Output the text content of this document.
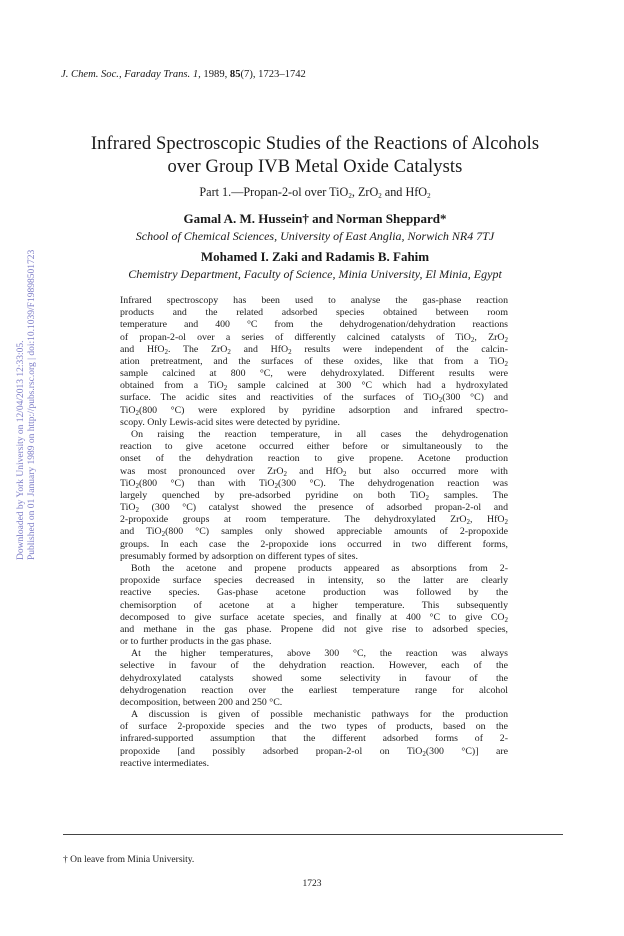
Downloaded by York University on 12/04/2013 12:33:05. Published on 01 January 1989 on http://pubs.rsc.org | doi:10.1039/F19898501723
J. Chem. Soc., Faraday Trans. 1, 1989, 85(7), 1723–1742
Infrared Spectroscopic Studies of the Reactions of Alcohols
over Group IVB Metal Oxide Catalysts
Part 1.—Propan-2-ol over TiO$_2$, ZrO$_2$ and HfO$_2$
Gamal A. M. Hussein† and Norman Sheppard*
School of Chemical Sciences, University of East Anglia, Norwich NR4 7TJ
Mohamed I. Zaki and Radamis B. Fahim
Chemistry Department, Faculty of Science, Minia University, El Minia, Egypt
Infrared spectroscopy has been used to analyse the gas-phase reaction
products and the related adsorbed species obtained between room
temperature and 400 °C from the dehydrogenation/dehydration reactions
of propan-2-ol over a series of differently calcined catalysts of TiO$_2$, ZrO$_2$
and HfO$_2$. The ZrO$_2$ and HfO$_2$ results were independent of the calcin-
ation pretreatment, and the surfaces of these oxides, like that from a TiO$_2$
sample calcined at 800 °C, were dehydroxylated. Different results were
obtained from a TiO$_2$ sample calcined at 300 °C which had a hydroxylated
surface. The acidic sites and reactivities of the surfaces of TiO$_2$(300 °C) and
TiO$_2$(800 °C) were explored by pyridine adsorption and infrared spectro-
scopy. Only Lewis-acid sites were detected by pyridine.
On raising the reaction temperature, in all cases the dehydrogenation
reaction to give acetone occurred either before or simultaneously to the
onset of the dehydration reaction to give propene. Acetone production
was most pronounced over ZrO$_2$ and HfO$_2$ but also occurred more with
TiO$_2$(800 °C) than with TiO$_2$(300 °C). The dehydrogenation reaction was
largely quenched by pre-adsorbed pyridine on both TiO$_2$ samples. The
TiO$_2$ (300 °C) catalyst showed the presence of adsorbed propan-2-ol and
2-propoxide groups at room temperature. The dehydroxylated ZrO$_2$, HfO$_2$
and TiO$_2$(800 °C) samples only showed appreciable amounts of 2-propoxide
groups. In each case the 2-propoxide ions occurred in two different forms,
presumably formed by adsorption on different types of sites.
Both the acetone and propene products appeared as absorptions from 2-
propoxide surface species decreased in intensity, so the latter are clearly
reactive species. Gas-phase acetone production was followed by the
chemisorption of acetone at a higher temperature. This subsequently
decomposed to give surface acetate species, and finally at 400 °C to give $CO_2$
and methane in the gas phase. Propene did not give rise to adsorbed species,
or to further products in the gas phase.
At the higher temperatures, above 300 °C, the reaction was always
selective in favour of the dehydration reaction. However, each of the
dehydroxylated catalysts showed some selectivity in favour of the
dehydrogenation reaction over the earliest temperature range for alcohol
decomposition, between 200 and 250 °C.
A discussion is given of possible mechanistic pathways for the production
of surface 2-propoxide species and the two types of products, based on the
infrared-supported assumption that the different adsorbed forms of 2-
propoxide [and possibly adsorbed propan-2-ol on TiO$_2$(300 °C)] are
reactive intermediates.
† On leave from Minia University.
1723
